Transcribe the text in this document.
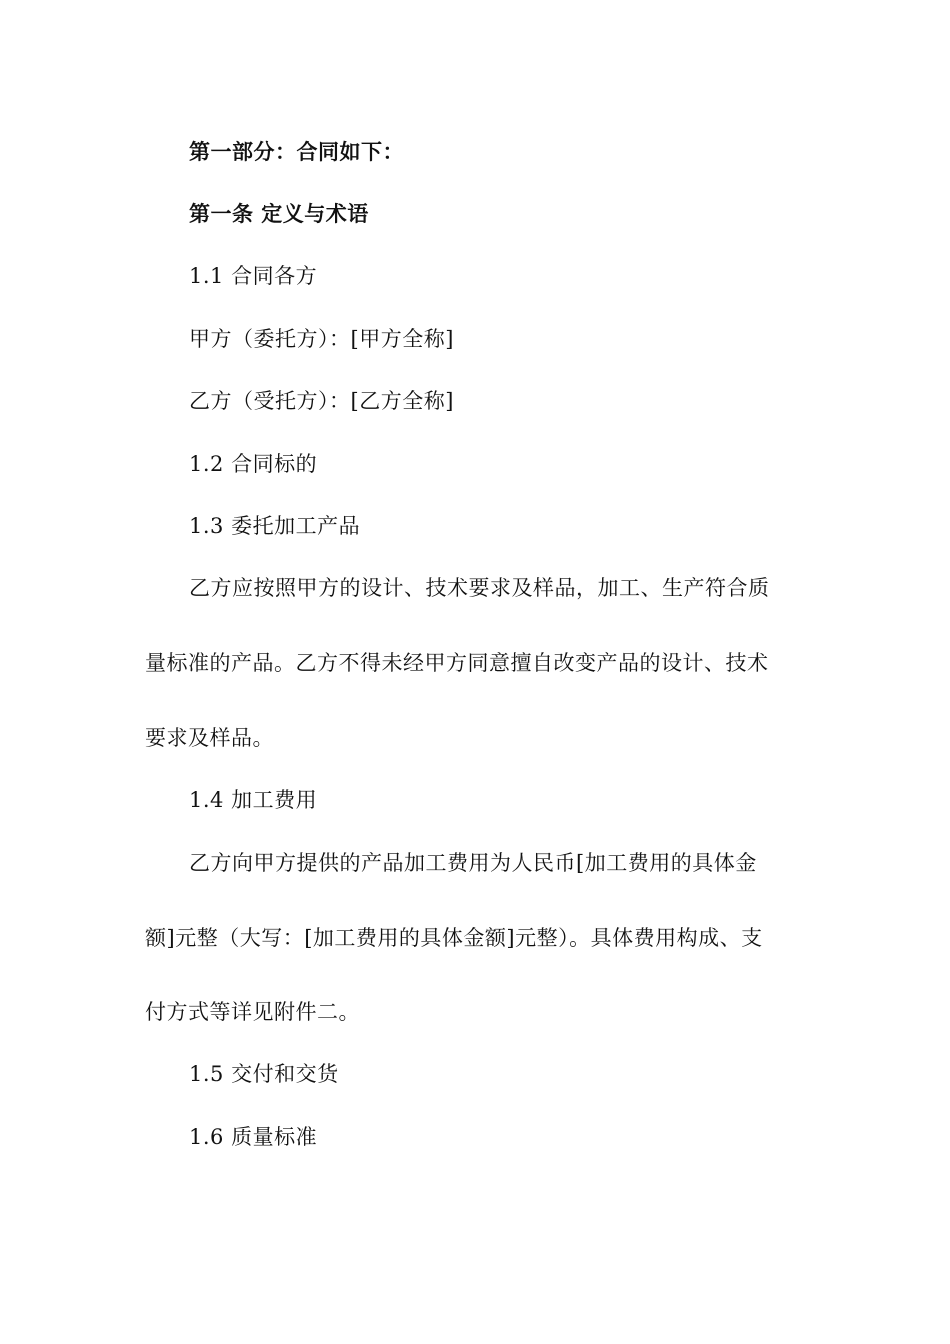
第一部分：合同如下：
第一条 定义与术语
1.1 合同各方
甲方（委托方）：[甲方全称]
乙方（受托方）：[乙方全称]
1.2 合同标的
1.3 委托加工产品
乙方应按照甲方的设计、技术要求及样品，加工、生产符合质
量标准的产品。乙方不得未经甲方同意擅自改变产品的设计、技术
要求及样品。
1.4 加工费用
乙方向甲方提供的产品加工费用为人民币[加工费用的具体金
额]元整（大写：[加工费用的具体金额]元整）。具体费用构成、支
付方式等详见附件二。
1.5 交付和交货
1.6 质量标准
